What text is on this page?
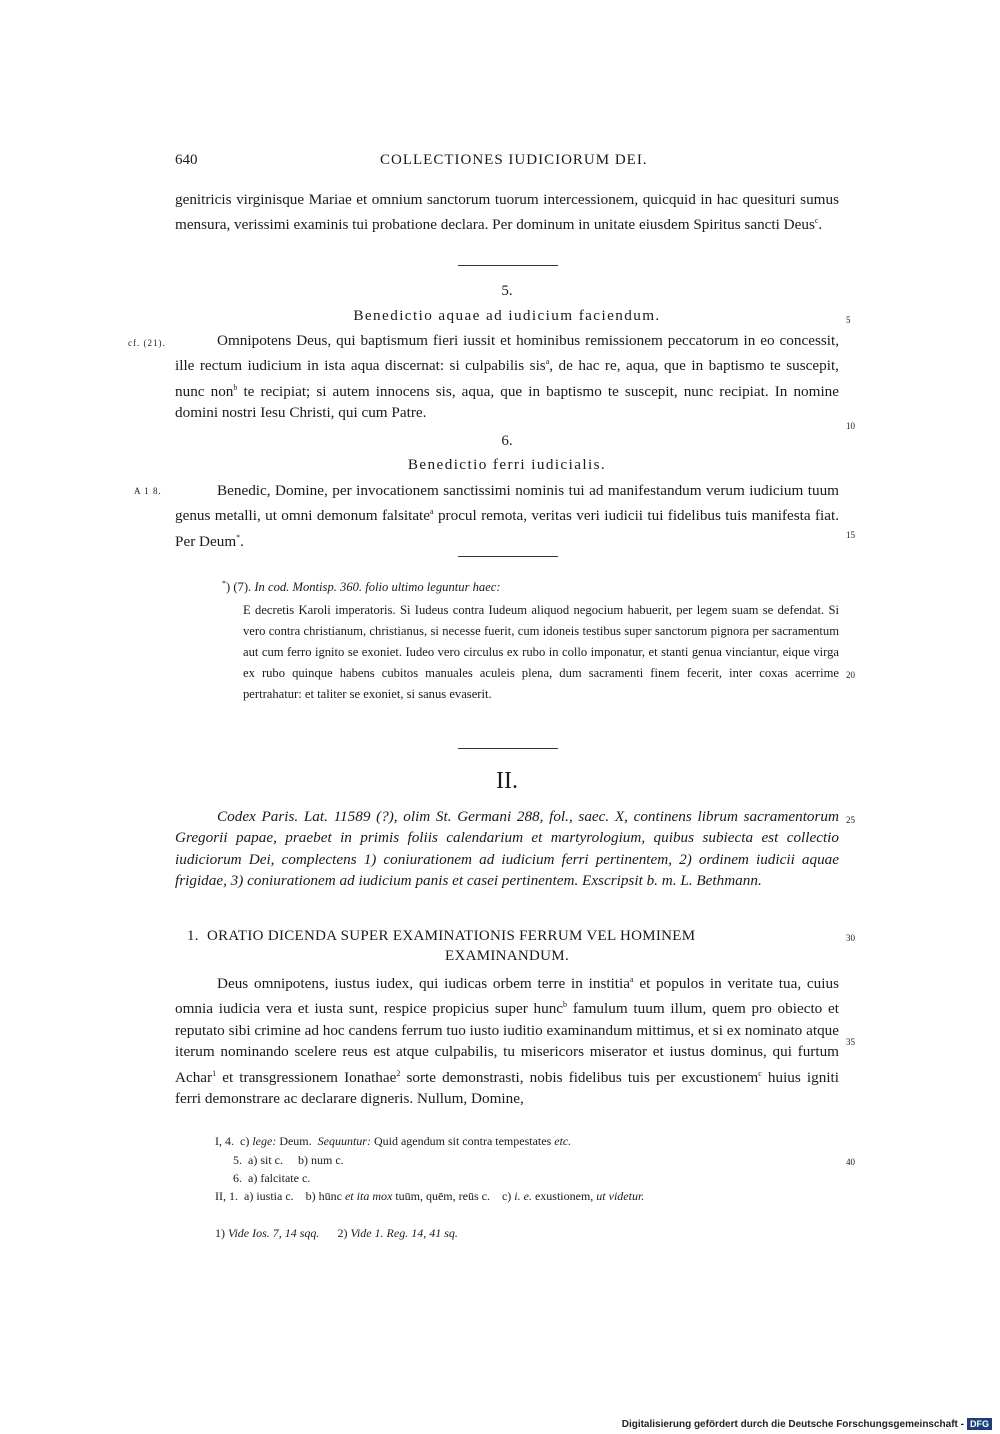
640	COLLECTIONES IUDICIORUM DEI.

genitricis virginisque Mariae et omnium sanctorum tuorum intercessionem, quicquid in hac quesituri sumus mensura, verissimi examinis tui probatione declara. Per dominum in unitate eiusdem Spiritus sancti Deus$^c$.

5.
Benedictio aquae ad iudicium faciendum.	5
cf. (21).	Omnipotens Deus, qui baptismum fieri iussit et hominibus remissionem peccatorum in eo concessit, ille rectum iudicium in ista aqua discernat: si culpabilis sis$^a$, de hac re, aqua, que in baptismo te suscepit, nunc non$^b$ te recipiat; si autem innocens sis, aqua, que in baptismo te suscepit, nunc recipiat. In nomine domini nostri Iesu Christi, qui cum Patre.

10
6.
Benedictio ferri iudicialis.
A 1 8.	Benedic, Domine, per invocationem sanctissimi nominis tui ad manifestandum verum iudicium tuum genus metalli, ut omni demonum falsitate$^a$ procul remota, veritas veri iudicii tui fidelibus tuis manifesta fiat. Per Deum*.	15
*) (7). In cod. Montisp. 360. folio ultimo leguntur haec:

E decretis Karoli imperatoris. Si Iudeus contra Iudeum aliquod negocium habuerit, per legem suam se defendat. Si vero contra christianum, christianus, si necesse fuerit, cum idoneis testibus super sanctorum pignora per sacramentum aut cum ferro ignito se exoniet. Iudeo vero circulus ex rubo in collo imponatur, et stanti genua vinciantur, eique virga ex rubo quinque habens cubitos manuales aculeis plena, dum sacramenti finem fecerit, inter coxas acerrime pertrahatur: et taliter se exoniet, si sanus evaserit.

20
II.

Codex Paris. Lat. 11589 (?), olim St. Germani 288, fol., saec. X, continens librum sacramentorum Gregorii papae, praebet in primis foliis calendarium et martyrologium, quibus subiecta est collectio iudiciorum Dei, complectens 1) coniurationem ad iudicium ferri pertinentem, 2) ordinem iudicii aquae frigidae, 3) coniurationem ad iudicium panis et casei pertinentem. Exscripsit b. m. L. Bethmann.

25
1. ORATIO DICENDA SUPER EXAMINATIONIS FERRUM VEL HOMINEM
EXAMINANDUM.
30

Deus omnipotens, iustus iudex, qui iudicas orbem terre in institia$^a$ et populos in veritate tua, cuius omnia iudicia vera et iusta sunt, respice propicius super hunc$^b$ famulum tuum illum, quem pro obiecto et reputato sibi crimine ad hoc candens ferrum tuo iusto iuditio examinandum mittimus, et si ex nominato atque iterum nominando scelere reus est atque culpabilis, tu misericors miserator et iustus dominus, qui furtum Achar$^1$ et transgressionem Ionathae$^2$ sorte demonstrasti, nobis fidelibus tuis per excustionem$^c$ huius igniti ferri demonstrare ac declarare digneris. Nullum, Domine,

35
I, 4. c) lege: Deum. Sequuntur: Quid agendum sit contra tempestates etc.
5. a) sit c.     b) num c.	40
6. a) falcitate c.
II, 1. a) iustia c. b) hūnc et ita mox tuūm, quēm, reūs c. c) i. e. exustionem, ut videtur.
1) Vide Ios. 7, 14 sqq. 2) Vide 1. Reg. 14, 41 sq.
Digitalisierung gefördert durch die Deutsche Forschungsgemeinschaft - DFG
